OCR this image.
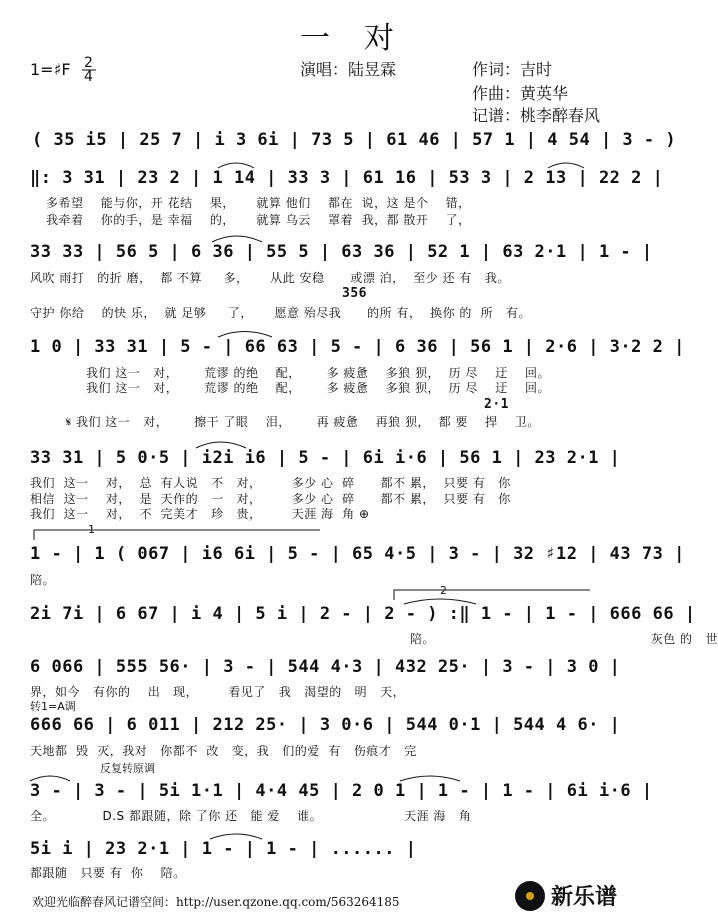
一　对
1=♯F 2
4	演唱：陆昱霖	作词：吉时
作曲：黄英华
记谱：桃李醉春风
( 35 i5 | 25 7 | i 3 6i | 73 5 | 61 46 | 57 1 | 4 54 | 3 - )
‖: 3 31 | 23 2 | 1 14 | 33 3 | 61 16 | 53 3 | 2 13 | 22 2 |
多希望    能与你，开 花结    果，     就算 他们    都在  说，这 是个    错，
我牵着    你的手，是 幸福    的，     就算 乌云    罩着  我，都 散开    了，
33 33 | 56 5 | 6 36 | 55 5 | 63 36 | 52 1 | 63 2·1 | 1 - |
风吹 雨打   的折 磨，  都 不算     多，     从此 安稳      或漂 泊，  至少 还 有   我。
356
守护 你给    的快 乐，  就 足够     了，     愿意 殆尽我      的所 有，  换你 的  所   有。
1 0 | 33 31 | 5 - | 66 63 | 5 - | 6 36 | 56 1 | 2·6 | 3·2 2 |
我们 这一   对，      荒谬 的绝    配，      多 疲惫    多狼 狈，  历 尽    迂    回。
我们 这一   对，      荒谬 的绝    配，      多 疲惫    多狼 狈，  历 尽    迂    回。
2·1
𝄋 我们 这一   对，      擦干 了眼    泪，      再 疲惫    再狼 狈，  都 要    捍    卫。
33 31 | 5 0·5 | i2i i6 | 5 - | 6i i·6 | 56 1 | 23 2·1 |
我们  这一    对，  总  有人说   不   对，       多少 心  碎      都不 累，  只要 有   你
相信  这一    对，  是  天作的   一   对，       多少 心  碎      都不 累，  只要 有   你
我们  这一    对，  不  完美才   珍   贵，       天涯 海  角 ⊕
1
1 - | 1 ( 067 | i6 6i | 5 - | 65 4·5 | 3 - | 32 ♯12 | 43 73 |
陪。
2
2i 7i | 6 67 | i 4 | 5 i | 2 - | 2 - ) :‖ 1 - | 1 - | 666 66 |
陪。                                                  灰色 的   世
6 066 | 555 56· | 3 - | 544 4·3 | 432 25· | 3 - | 3 0 |
界，如今   有你的    出   现，       看见了   我   渴望的   明   天，
转1=A调
666 66 | 6 011 | 212 25· | 3 0·6 | 544 0·1 | 544 4 6· |
天地都  毁  灭，我对   你都不  改   变，我   们的爱  有   伤痕才   完
反复转原调
3 - | 3 - | 5i 1·1 | 4·4 45 | 2 0 1 | 1 - | 1 - | 6i i·6 |
全。           D.S 都跟随，除 了你 还   能 爱    谁。                   天涯 海   角
5i i | 23 2·1 | 1 - | 1 - | ...... |
都跟随   只要 有  你    陪。
欢迎光临醉春风记谱空间：http://user.qzone.qq.com/563264185	新乐谱
